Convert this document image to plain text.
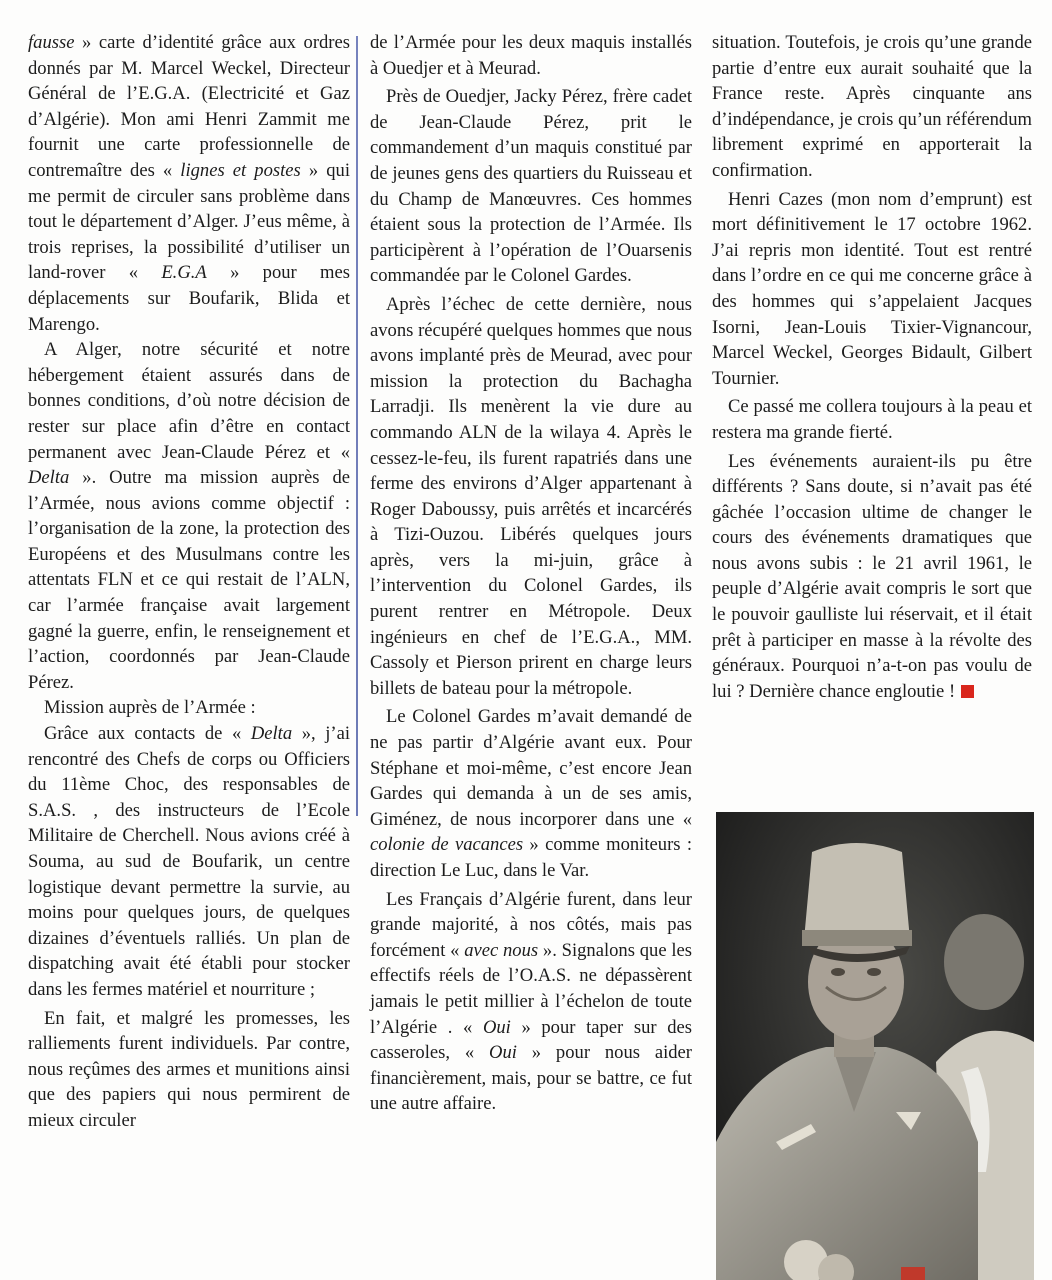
fausse » carte d’identité grâce aux ordres donnés par M. Marcel Weckel, Directeur Général de l’E.G.A. (Electricité et Gaz d’Algérie). Mon ami Henri Zammit me fournit une carte professionnelle de contremaître des « lignes et postes » qui me permit de circuler sans problème dans tout le département d’Alger. J’eus même, à trois reprises, la possibilité d’utiliser un land-rover « E.G.A » pour mes déplacements sur Boufarik, Blida et Marengo.

A Alger, notre sécurité et notre hébergement étaient assurés dans de bonnes conditions, d’où notre décision de rester sur place afin d’être en contact permanent avec Jean-Claude Pérez et « Delta ». Outre ma mission auprès de l’Armée, nous avions comme objectif : l’organisation de la zone, la protection des Européens et des Musulmans contre les attentats FLN et ce qui restait de l’ALN, car l’armée française avait largement gagné la guerre, enfin, le renseignement et l’action, coordonnés par Jean-Claude Pérez.

Mission auprès de l’Armée :

Grâce aux contacts de « Delta », j’ai rencontré des Chefs de corps ou Officiers du 11ème Choc, des responsables de S.A.S. , des instructeurs de l’Ecole Militaire de Cherchell. Nous avions créé à Souma, au sud de Boufarik, un centre logistique devant permettre la survie, au moins pour quelques jours, de quelques dizaines d’éventuels ralliés. Un plan de dispatching avait été établi pour stocker dans les fermes matériel et nourriture ;

En fait, et malgré les promesses, les ralliements furent individuels. Par contre, nous reçûmes des armes et munitions ainsi que des papiers qui nous permirent de mieux circuler

de l’Armée pour les deux maquis installés à Ouedjer et à Meurad.

Près de Ouedjer, Jacky Pérez, frère cadet de Jean-Claude Pérez, prit le commandement d’un maquis constitué par de jeunes gens des quartiers du Ruisseau et du Champ de Manœuvres. Ces hommes étaient sous la protection de l’Armée. Ils participèrent à l’opération de l’Ouarsenis commandée par le Colonel Gardes.

Après l’échec de cette dernière, nous avons récupéré quelques hommes que nous avons implanté près de Meurad, avec pour mission la protection du Bachagha Larradji. Ils menèrent la vie dure au commando ALN de la wilaya 4. Après le cessez-le-feu, ils furent rapatriés dans une ferme des environs d’Alger appartenant à Roger Daboussy, puis arrêtés et incarcérés à Tizi-Ouzou. Libérés quelques jours après, vers la mi-juin, grâce à l’intervention du Colonel Gardes, ils purent rentrer en Métropole. Deux ingénieurs en chef de l’E.G.A., MM. Cassoly et Pierson prirent en charge leurs billets de bateau pour la métropole.

Le Colonel Gardes m’avait demandé de ne pas partir d’Algérie avant eux. Pour Stéphane et moi-même, c’est encore Jean Gardes qui demanda à un de ses amis, Giménez, de nous incorporer dans une « colonie de vacances » comme moniteurs : direction Le Luc, dans le Var.

Les Français d’Algérie furent, dans leur grande majorité, à nos côtés, mais pas forcément « avec nous ». Signalons que les effectifs réels de l’O.A.S. ne dépassèrent jamais le petit millier à l’échelon de toute l’Algérie . « Oui » pour taper sur des casseroles, « Oui » pour nous aider financièrement, mais, pour se battre, ce fut une autre affaire.

situation. Toutefois, je crois qu’une grande partie d’entre eux aurait souhaité que la France reste. Après cinquante ans d’indépendance, je crois qu’un référendum librement exprimé en apporterait la confirmation.

Henri Cazes (mon nom d’emprunt) est mort définitivement le 17 octobre 1962. J’ai repris mon identité. Tout est rentré dans l’ordre en ce qui me concerne grâce à des hommes qui s’appelaient Jacques Isorni, Jean-Louis Tixier-Vignancour, Marcel Weckel, Georges Bidault, Gilbert Tournier.

Ce passé me collera toujours à la peau et restera ma grande fierté.

Les événements auraient-ils pu être différents ? Sans doute, si n’avait pas été gâchée l’occasion ultime de changer le cours des événements dramatiques que nous avons subis : le 21 avril 1961, le peuple d’Algérie avait compris le sort que le pouvoir gaulliste lui réservait, et il était prêt à participer en masse à la révolte des généraux. Pourquoi n’a-t-on pas voulu de lui ? Dernière chance engloutie !
